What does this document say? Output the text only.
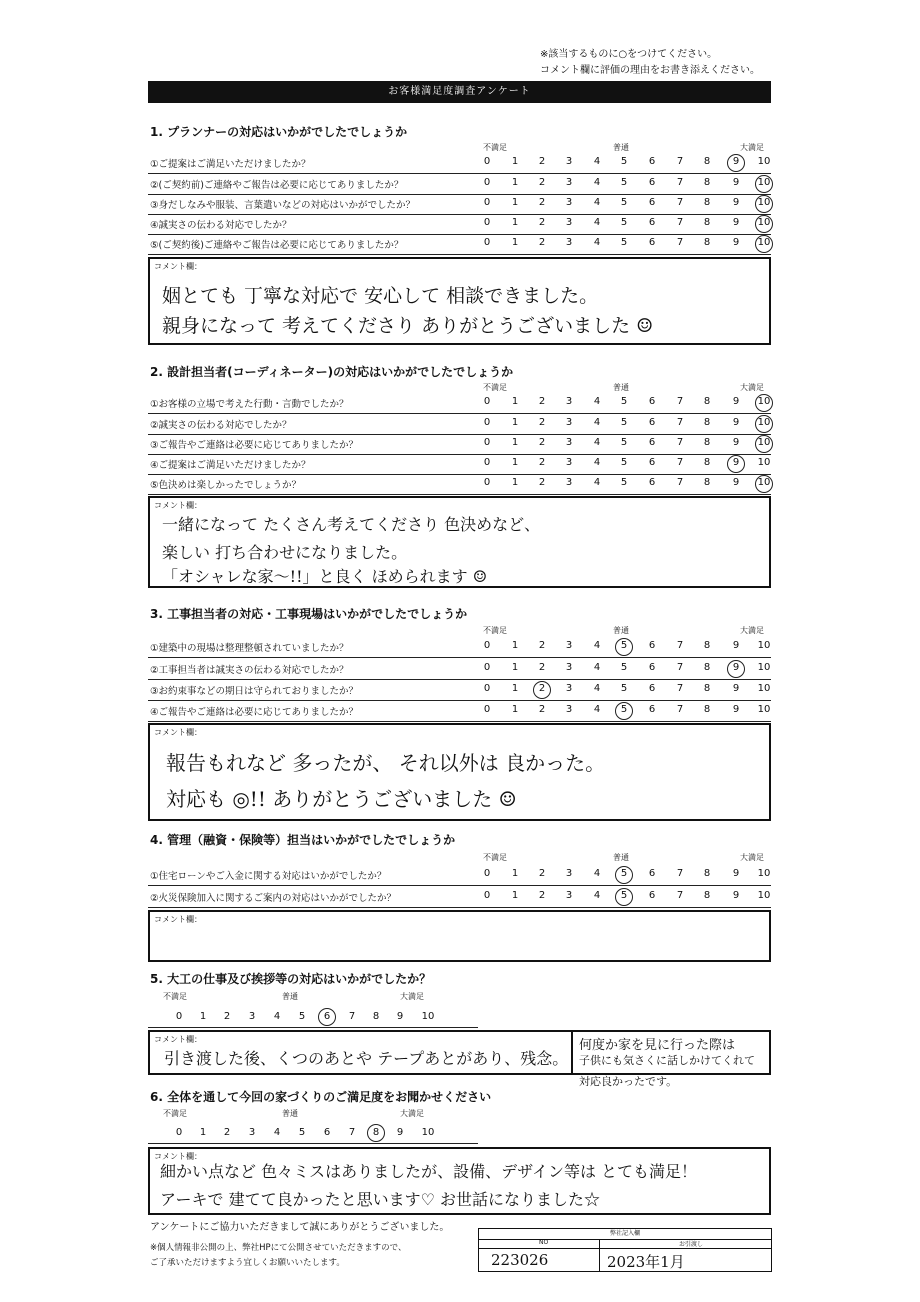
※該当するものに○をつけてください。
コメント欄に評価の理由をお書き添えください。
お客様満足度調査アンケート
1. プランナーの対応はいかがでしたでしょうか
不満足	普通	大満足
①ご提案はご満足いただけましたか？	0	1	2	3	4	5	6	7	8	9	10
②(ご契約前)ご連絡やご報告は必要に応じてありましたか？	0	1	2	3	4	5	6	7	8	9	10
③身だしなみや服装、言葉遣いなどの対応はいかがでしたか？	0	1	2	3	4	5	6	7	8	9	10
④誠実さの伝わる対応でしたか？	0	1	2	3	4	5	6	7	8	9	10
⑤(ご契約後)ご連絡やご報告は必要に応じてありましたか？	0	1	2	3	4	5	6	7	8	9	10
コメント欄：
姻とても 丁寧な対応で 安心して 相談できました。
親身になって 考えてくださり ありがとうございました ☺
2. 設計担当者(コーディネーター)の対応はいかがでしたでしょうか
不満足	普通	大満足
①お客様の立場で考えた行動・言動でしたか？	0	1	2	3	4	5	6	7	8	9	10
②誠実さの伝わる対応でしたか？	0	1	2	3	4	5	6	7	8	9	10
③ご報告やご連絡は必要に応じてありましたか？	0	1	2	3	4	5	6	7	8	9	10
④ご提案はご満足いただけましたか？	0	1	2	3	4	5	6	7	8	9	10
⑤色決めは楽しかったでしょうか？	0	1	2	3	4	5	6	7	8	9	10
コメント欄：
一緒になって たくさん考えてくださり 色決めなど、
楽しい 打ち合わせになりました。
「オシャレな家～!!」と良く ほめられます ☺
3. 工事担当者の対応・工事現場はいかがでしたでしょうか
不満足	普通	大満足
①建築中の現場は整理整頓されていましたか？	0	1	2	3	4	5	6	7	8	9	10
②工事担当者は誠実さの伝わる対応でしたか？	0	1	2	3	4	5	6	7	8	9	10
③お約束事などの期日は守られておりましたか？	0	1	2	3	4	5	6	7	8	9	10
④ご報告やご連絡は必要に応じてありましたか？	0	1	2	3	4	5	6	7	8	9	10
コメント欄：
報告もれなど 多ったが、 それ以外は 良かった。
対応も ◎!! ありがとうございました ☺
4. 管理（融資・保険等）担当はいかがでしたでしょうか
不満足	普通	大満足
①住宅ローンやご入金に関する対応はいかがでしたか？	0	1	2	3	4	5	6	7	8	9	10
②火災保険加入に関するご案内の対応はいかがでしたか？	0	1	2	3	4	5	6	7	8	9	10
コメント欄：
5. 大工の仕事及び挨拶等の対応はいかがでしたか？
不満足	普通	大満足
0	1	2	3	4	5	6	7	8	9	10
コメント欄：
引き渡した後、くつのあとや テープあとがあり、残念。
何度か家を見に行った際は
子供にも気さくに話しかけてくれて
対応良かったです。
6. 全体を通して今回の家づくりのご満足度をお聞かせください
不満足	普通	大満足
0	1	2	3	4	5	6	7	8	9	10
コメント欄：
細かい点など 色々ミスはありましたが、設備、デザイン等は とても満足！
アーキで 建てて良かったと思います♡ お世話になりました☆
アンケートにご協力いただきまして誠にありがとうございました。
※個人情報非公開の上、弊社HPにて公開させていただきますので、
ご了承いただけますよう宜しくお願いいたします。
弊社記入欄
NO	お引渡し
223026	2023年1月
